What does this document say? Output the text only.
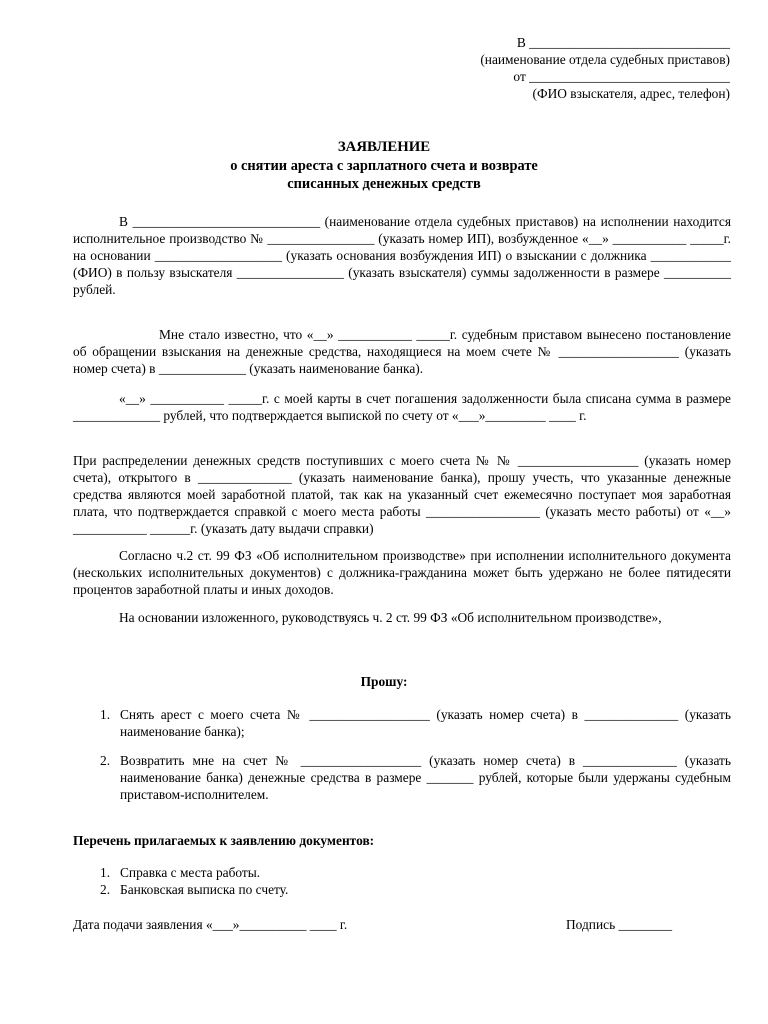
В ______________________________
(наименование отдела судебных приставов)
от ______________________________
(ФИО взыскателя, адрес, телефон)
ЗАЯВЛЕНИЕ
о снятии ареста с зарплатного счета и возврате
списанных денежных средств

В ____________________________ (наименование отдела судебных приставов) на исполнении находится исполнительное производство № ________________ (указать номер ИП), возбужденное «__» ___________ _____г. на основании ___________________ (указать основания возбуждения ИП) о взыскании с должника ____________ (ФИО) в пользу взыскателя ________________ (указать взыскателя) суммы задолженности в размере __________ рублей.

Мне стало известно, что «__» ___________ _____г. судебным приставом вынесено постановление об обращении взыскания на денежные средства, находящиеся на моем счете № __________________ (указать номер счета) в _____________ (указать наименование банка).

«__» ___________ _____г. с моей карты в счет погашения задолженности была списана сумма в размере _____________ рублей, что подтверждается выпиской по счету от «___»_________ ____ г.

При распределении денежных средств поступивших с моего счета № № __________________ (указать номер счета), открытого в ______________ (указать наименование банка), прошу учесть, что указанные денежные средства являются моей заработной платой, так как на указанный счет ежемесячно поступает моя заработная плата, что подтверждается справкой с моего места работы _________________ (указать место работы) от «__» ___________ ______г. (указать дату выдачи справки)

Согласно ч.2 ст. 99 ФЗ «Об исполнительном производстве» при исполнении исполнительного документа (нескольких исполнительных документов) с должника-гражданина может быть удержано не более пятидесяти процентов заработной платы и иных доходов.

На основании изложенного, руководствуясь ч. 2 ст. 99 ФЗ «Об исполнительном производстве»,

Прошу:
1. Снять арест с моего счета № __________________ (указать номер счета) в ______________ (указать наименование банка);
2. Возвратить мне на счет № __________________ (указать номер счета) в ______________ (указать наименование банка) денежные средства в размере _______ рублей, которые были удержаны судебным приставом-исполнителем.
Перечень прилагаемых к заявлению документов:
1. Справка с места работы.
2. Банковская выписка по счету.
Дата подачи заявления «___»__________ ____ г.	Подпись ________
